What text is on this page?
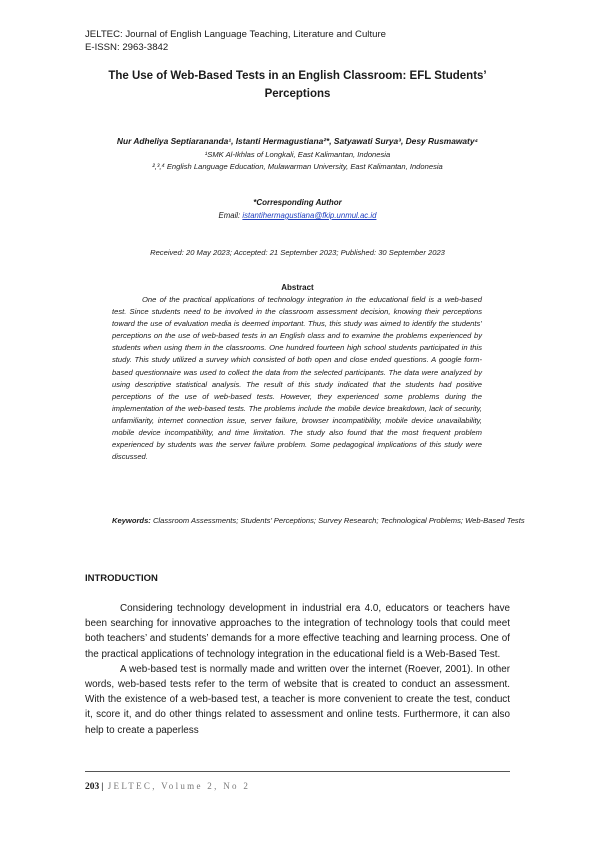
JELTEC: Journal of English Language Teaching, Literature and Culture
E-ISSN: 2963-3842
The Use of Web-Based Tests in an English Classroom: EFL Students’ Perceptions
Nur Adheliya Septiarananda¹, Istanti Hermagustiana²*, Satyawati Surya³, Desy Rusmawaty⁴
¹SMK Al-Ikhlas of Longkali, East Kalimantan, Indonesia
²,³,⁴ English Language Education, Mulawarman University, East Kalimantan, Indonesia
*Corresponding Author
Email: istantihermagustiana@fkip.unmul.ac.id
Received: 20 May 2023; Accepted: 21 September 2023; Published: 30 September 2023
Abstract

One of the practical applications of technology integration in the educational field is a web-based test. Since students need to be involved in the classroom assessment decision, knowing their perceptions toward the use of evaluation media is deemed important. Thus, this study was aimed to identify the students’ perceptions on the use of web-based tests in an English class and to examine the problems experienced by students when using them in the classrooms. One hundred fourteen high school students participated in this study. This study utilized a survey which consisted of both open and close ended questions. A google form-based questionnaire was used to collect the data from the selected participants. The data were analyzed by using descriptive statistical analysis. The result of this study indicated that the students had positive perceptions of the use of web-based tests. However, they experienced some problems during the implementation of the web-based tests. The problems include the mobile device breakdown, lack of security, unfamiliarity, internet connection issue, server failure, browser incompatibility, mobile device unavailability, mobile device incompatibility, and time limitation. The study also found that the most frequent problem experienced by students was the server failure problem. Some pedagogical implications of this study were discussed.

Keywords: Classroom Assessments; Students’ Perceptions; Survey Research; Technological Problems; Web-Based Tests

INTRODUCTION

Considering technology development in industrial era 4.0, educators or teachers have been searching for innovative approaches to the integration of technology tools that could meet both teachers’ and students’ demands for a more effective teaching and learning process. One of the practical applications of technology integration in the educational field is a Web-Based Test.

A web-based test is normally made and written over the internet (Roever, 2001). In other words, web-based tests refer to the term of website that is created to conduct an assessment. With the existence of a web-based test, a teacher is more convenient to create the test, conduct it, score it, and do other things related to assessment and online tests. Furthermore, it can also help to create a paperless

203 | JELTEC, Volume 2, No 2
